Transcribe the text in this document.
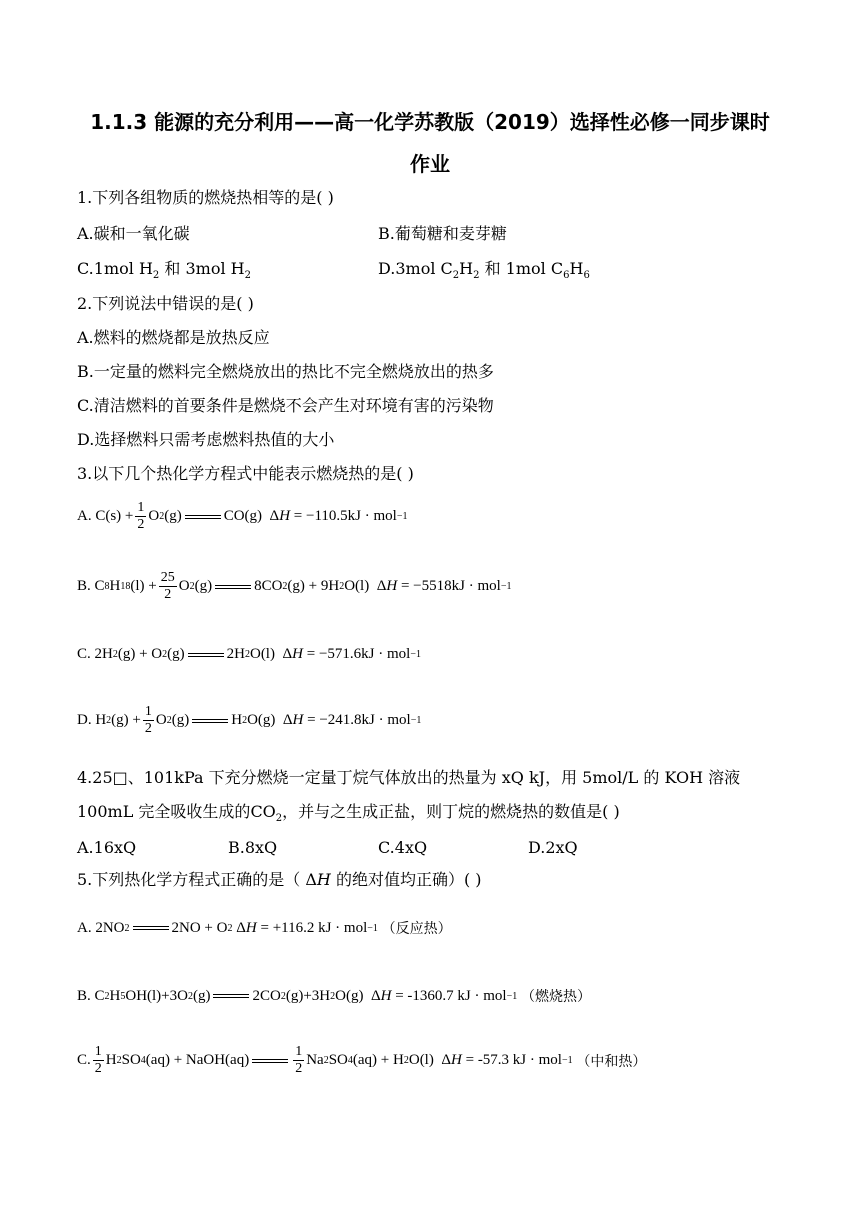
1.1.3 能源的充分利用——高一化学苏教版（2019）选择性必修一同步课时
作业
1.下列各组物质的燃烧热相等的是( )
A.碳和一氧化碳	B.葡萄糖和麦芽糖
C.1mol $H_2$ 和 3mol $H_2$	D.3mol $C_2H_2$ 和 1mol $C_6H_6$
2.下列说法中错误的是( )
A.燃料的燃烧都是放热反应
B.一定量的燃料完全燃烧放出的热比不完全燃烧放出的热多
C.清洁燃料的首要条件是燃烧不会产生对环境有害的污染物
D.选择燃料只需考虑燃料热值的大小
3.以下几个热化学方程式中能表示燃烧热的是( )
A. $C(s) + \frac{1}{2}$ O 2 (g)	CO(g)  Δ H = −110.5kJ · mol −1
B. C 8 H 18 $(l) + \frac{25}{2}$ O 2 (g)	8CO 2 (g) + 9H 2 O(l)  Δ H = −5518kJ · mol −1
C. 2H 2 (g) + O 2 (g)	2H 2 O(l)  Δ H = −571.6kJ · mol −1
D. H 2 $(g) + \frac{1}{2}$ O 2 (g)	H 2 O(g)  Δ H = −241.8kJ · mol −1
4.25□、101kPa 下充分燃烧一定量丁烷气体放出的热量为 xQ kJ，用 5mol/L 的 KOH 溶液
100mL 完全吸收生成的$CO_2$，并与之生成正盐，则丁烷的燃烧热的数值是( )
A.16xQ	B.8xQ	C.4xQ	D.2xQ
5.下列热化学方程式正确的是（ ΔH 的绝对值均正确）( )
A. 2NO 2	2NO + O 2 Δ H = +116.2 kJ · mol −1
（反应热）
B. C 2 H 5 OH(l)+3O 2 (g)	2CO 2 (g)+3H 2 O(g)  Δ H = -1360.7 kJ · mol −1
（燃烧热）
C. $\frac{1}{2}$ H 2 SO 4 (aq) + NaOH(aq)	$\frac{1}{2}$ Na 2 SO 4 (aq) + H 2 O(l)  Δ H = -57.3 kJ · mol −1
（中和热）
